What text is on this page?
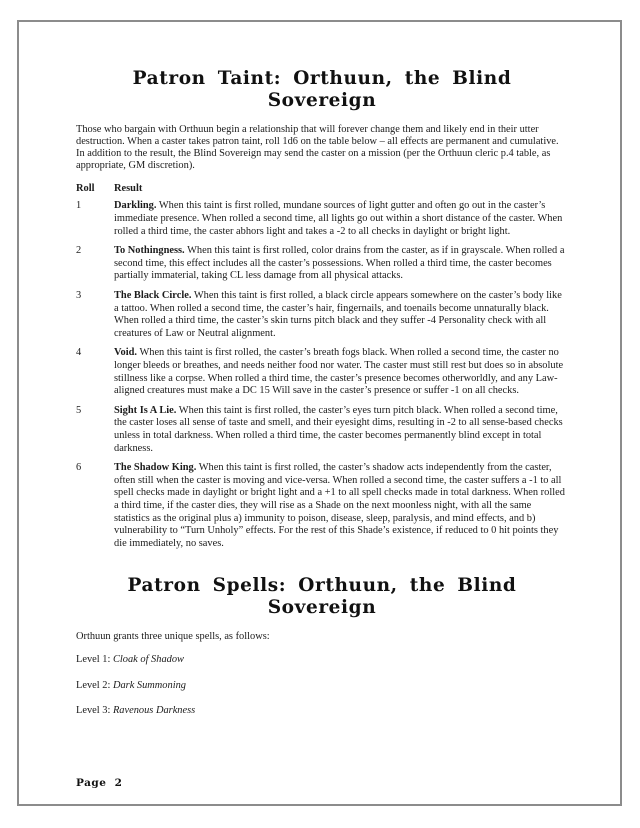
Patron Taint: Orthuun, the Blind Sovereign

Those who bargain with Orthuun begin a relationship that will forever change them and likely end in their utter destruction. When a caster takes patron taint, roll 1d6 on the table below – all effects are permanent and cumulative. In addition to the result, the Blind Sovereign may send the caster on a mission (per the Orthuun cleric p.4 table, as appropriate, GM discretion).

Roll	Result
1	Darkling. When this taint is first rolled, mundane sources of light gutter and often go out in the caster’s immediate presence. When rolled a second time, all lights go out within a short distance of the caster. When rolled a third time, the caster abhors light and takes a -2 to all checks in daylight or bright light.
2	To Nothingness. When this taint is first rolled, color drains from the caster, as if in grayscale. When rolled a second time, this effect includes all the caster’s possessions. When rolled a third time, the caster becomes partially immaterial, taking CL less damage from all physical attacks.
3	The Black Circle. When this taint is first rolled, a black circle appears somewhere on the caster’s body like a tattoo. When rolled a second time, the caster’s hair, fingernails, and toenails become unnaturally black. When rolled a third time, the caster’s skin turns pitch black and they suffer -4 Personality check with all creatures of Law or Neutral alignment.
4	Void. When this taint is first rolled, the caster’s breath fogs black. When rolled a second time, the caster no longer bleeds or breathes, and needs neither food nor water. The caster must still rest but does so in absolute stillness like a corpse. When rolled a third time, the caster’s presence becomes otherworldly, and any Law-aligned creatures must make a DC 15 Will save in the caster’s presence or suffer -1 on all checks.
5	Sight Is A Lie. When this taint is first rolled, the caster’s eyes turn pitch black. When rolled a second time, the caster loses all sense of taste and smell, and their eyesight dims, resulting in -2 to all sense-based checks unless in total darkness. When rolled a third time, the caster becomes permanently blind except in total darkness.
6	The Shadow King. When this taint is first rolled, the caster’s shadow acts independently from the caster, often still when the caster is moving and vice-versa. When rolled a second time, the caster suffers a -1 to all spell checks made in daylight or bright light and a +1 to all spell checks made in total darkness. When rolled a third time, if the caster dies, they will rise as a Shade on the next moonless night, with all the same statistics as the original plus a) immunity to poison, disease, sleep, paralysis, and mind effects, and b) vulnerability to “Turn Unholy” effects. For the rest of this Shade’s existence, if reduced to 0 hit points they die immediately, no saves.
Patron Spells: Orthuun, the Blind Sovereign

Orthuun grants three unique spells, as follows:

Level 1: Cloak of Shadow

Level 2: Dark Summoning

Level 3: Ravenous Darkness

Page 2
